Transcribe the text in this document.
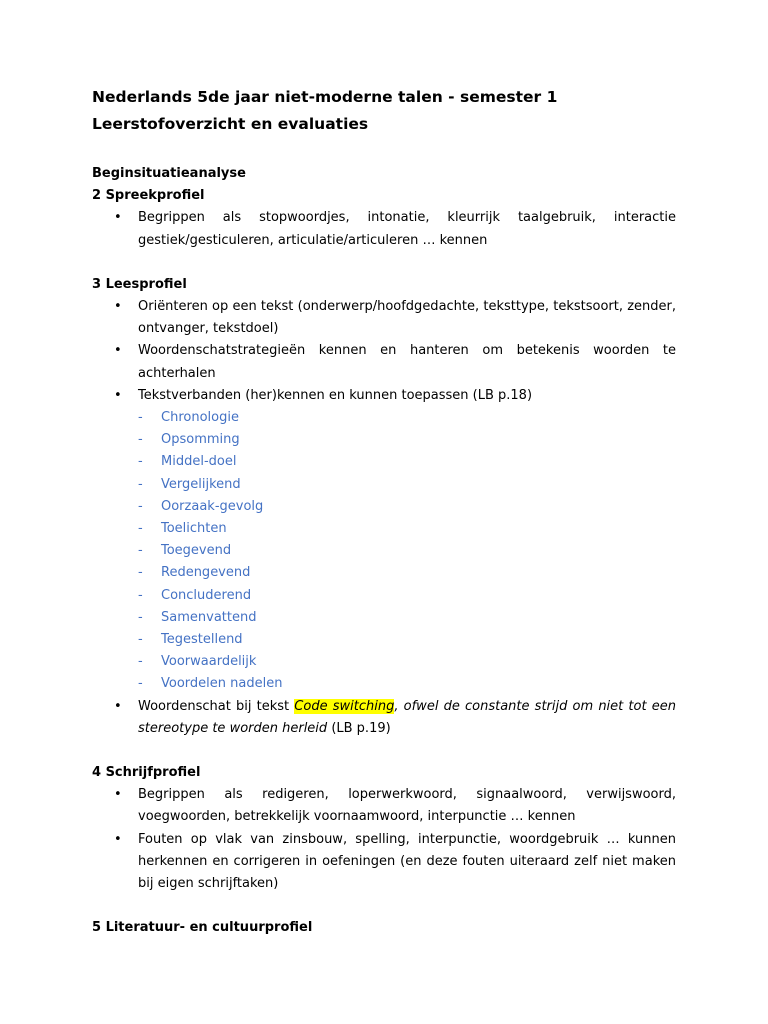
Nederlands 5de jaar niet-moderne talen - semester 1

Leerstofoverzicht en evaluaties

Beginsituatieanalyse

2 Spreekprofiel

• Begrippen als stopwoordjes, intonatie, kleurrijk taalgebruik, interactie gestiek/gesticuleren, articulatie/articuleren … kennen

3 Leesprofiel

• Oriënteren op een tekst (onderwerp/hoofdgedachte, teksttype, tekstsoort, zender, ontvanger, tekstdoel)
• Woordenschatstrategieën kennen en hanteren om betekenis woorden te achterhalen
• Tekstverbanden (her)kennen en kunnen toepassen (LB p.18)
- Chronologie
- Opsomming
- Middel-doel
- Vergelijkend
- Oorzaak-gevolg
- Toelichten
- Toegevend
- Redengevend
- Concluderend
- Samenvattend
- Tegestellend
- Voorwaardelijk
- Voordelen nadelen
• Woordenschat bij tekst Code switching, ofwel de constante strijd om niet tot een stereotype te worden herleid (LB p.19)

4 Schrijfprofiel

• Begrippen als redigeren, loperwerkwoord, signaalwoord, verwijswoord, voegwoorden, betrekkelijk voornaamwoord, interpunctie … kennen
• Fouten op vlak van zinsbouw, spelling, interpunctie, woordgebruik … kunnen herkennen en corrigeren in oefeningen (en deze fouten uiteraard zelf niet maken bij eigen schrijftaken)

5 Literatuur- en cultuurprofiel
